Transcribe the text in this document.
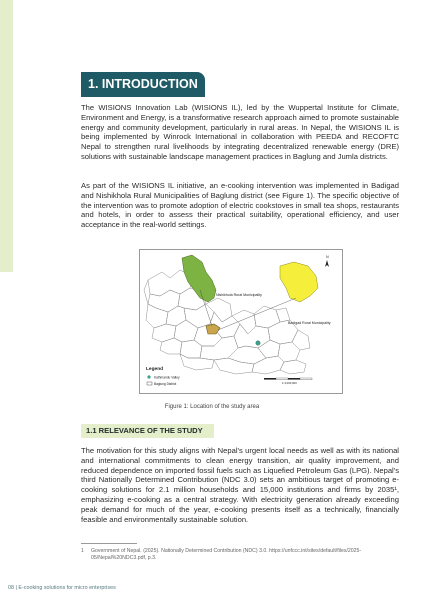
1. INTRODUCTION

The WISIONS Innovation Lab (WISIONS IL), led by the Wuppertal Institute for Climate, Environment and Energy, is a transformative research approach aimed to promote sustainable energy and community development, particularly in rural areas. In Nepal, the WISIONS IL is being implemented by Winrock International in collaboration with PEEDA and RECOFTC Nepal to strengthen rural livelihoods by integrating decentralized renewable energy (DRE) solutions with sustainable landscape management practices in Baglung and Jumla districts.

As part of the WISIONS IL initiative, an e-cooking intervention was implemented in Badigad and Nishikhola Rural Municipalities of Baglung district (see Figure 1). The specific objective of the intervention was to promote adoption of electric cookstoves in small tea shops, restaurants and hotels, in order to assess their practical suitability, operational efficiency, and user acceptance in the real-world settings.

Nishikhola Rural Municipality
Badigad Rural Municipality
N
Legend
Kathmandu Valley
Baglung District	1:3,000,000
Figure 1: Location of the study area
1.1 RELEVANCE OF THE STUDY

The motivation for this study aligns with Nepal's urgent local needs as well as with its national and international commitments to clean energy transition, air quality improvement, and reduced dependence on imported fossil fuels such as Liquefied Petroleum Gas (LPG). Nepal's third Nationally Determined Contribution (NDC 3.0) sets an ambitious target of promoting e-cooking solutions for 2.1 million households and 15,000 institutions and firms by 2035¹, emphasizing e-cooking as a central strategy. With electricity generation already exceeding peak demand for much of the year, e-cooking presents itself as a technically, financially feasible and environmentally sustainable solution.

1	Government of Nepal. (2025). Nationally Determined Contribution (NDC) 3.0. https://unfccc.int/sites/default/files/2025-05/Nepal%20NDC3.pdf, p.3.
08 | E-cooking solutions for micro enterprises
